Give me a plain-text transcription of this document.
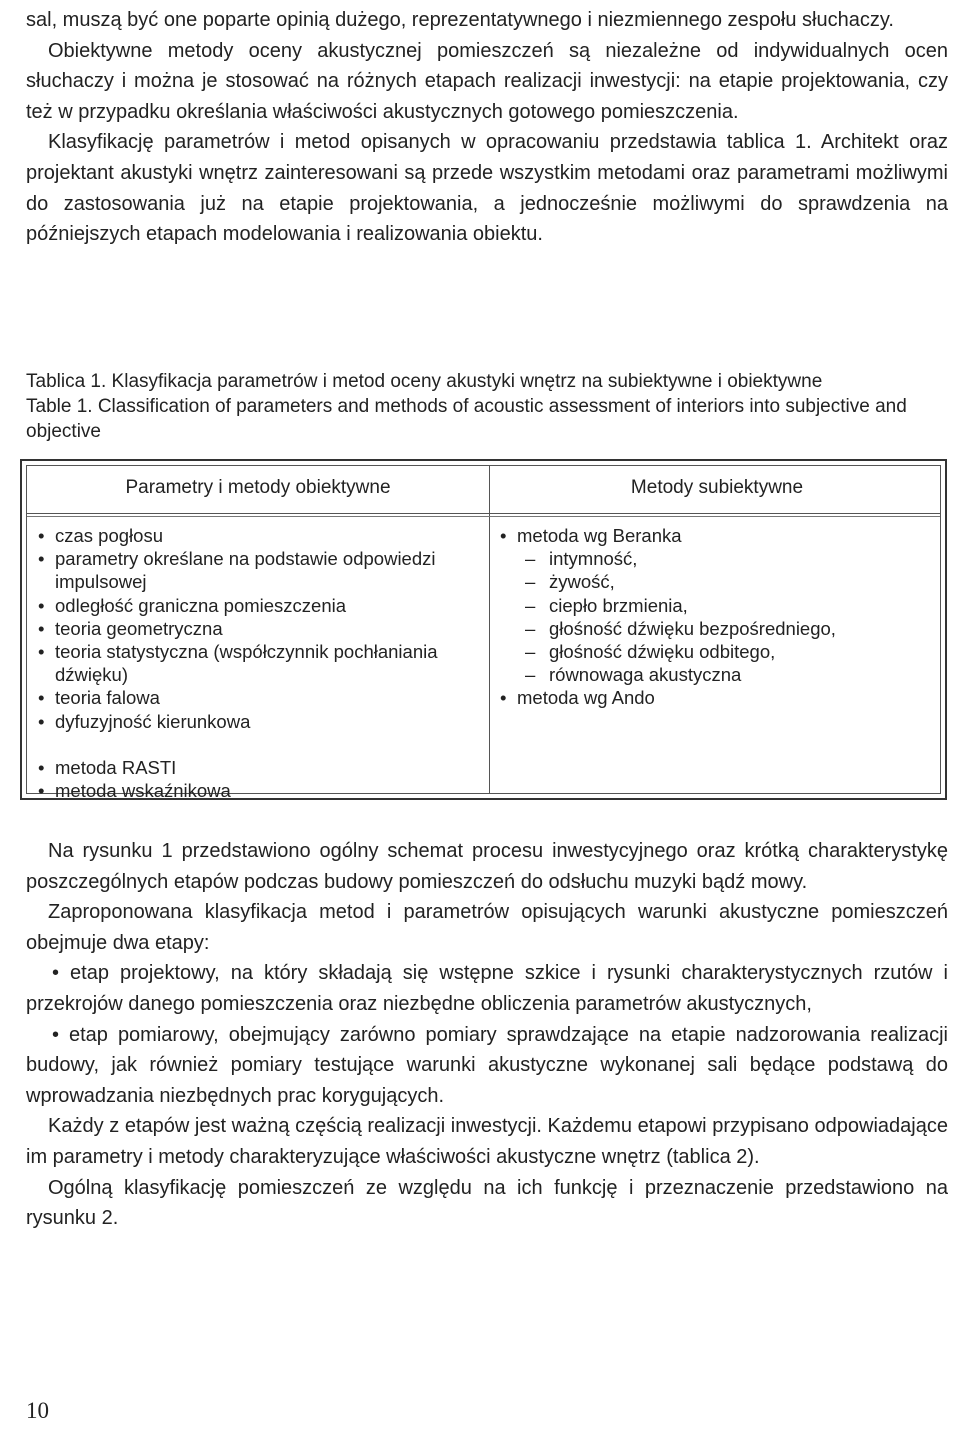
sal, muszą być one poparte opinią dużego, reprezentatywnego i niezmiennego zespołu słuchaczy.

Obiektywne metody oceny akustycznej pomieszczeń są niezależne od indywidualnych ocen słuchaczy i można je stosować na różnych etapach realizacji inwestycji: na etapie projektowania, czy też w przypadku określania właściwości akustycznych gotowego pomieszczenia.

Klasyfikację parametrów i metod opisanych w opracowaniu przedstawia tablica 1. Architekt oraz projektant akustyki wnętrz zainteresowani są przede wszystkim metodami oraz parametrami możliwymi do zastosowania już na etapie projektowania, a jednocześnie możliwymi do sprawdzenia na późniejszych etapach modelowania i realizowania obiektu.

Tablica 1. Klasyfikacja parametrów i metod oceny akustyki wnętrz na subiektywne i obiektywne

Table 1. Classification of parameters and methods of acoustic assessment of interiors into subjective and objective

Parametry i metody obiektywne	Metody subiektywne
• czas pogłosu
• parametry określane na podstawie odpowiedzi impulsowej
• odległość graniczna pomieszczenia
• teoria geometryczna
• teoria statystyczna (współczynnik pochłaniania dźwięku)
• teoria falowa
• dyfuzyjność kierunkowa
• metoda RASTI
• metoda wskaźnikowa
• metoda wg Beranka
– intymność,
– żywość,
– ciepło brzmienia,
– głośność dźwięku bezpośredniego,
– głośność dźwięku odbitego,
– równowaga akustyczna
• metoda wg Ando

Na rysunku 1 przedstawiono ogólny schemat procesu inwestycyjnego oraz krótką charakterystykę poszczególnych etapów podczas budowy pomieszczeń do odsłuchu muzyki bądź mowy.

Zaproponowana klasyfikacja metod i parametrów opisujących warunki akustyczne pomieszczeń obejmuje dwa etapy:

• etap projektowy, na który składają się wstępne szkice i rysunki charakterystycznych rzutów i przekrojów danego pomieszczenia oraz niezbędne obliczenia parametrów akustycznych,

• etap pomiarowy, obejmujący zarówno pomiary sprawdzające na etapie nadzorowania realizacji budowy, jak również pomiary testujące warunki akustyczne wykonanej sali będące podstawą do wprowadzania niezbędnych prac korygujących.

Każdy z etapów jest ważną częścią realizacji inwestycji. Każdemu etapowi przypisano odpowiadające im parametry i metody charakteryzujące właściwości akustyczne wnętrz (tablica 2).

Ogólną klasyfikację pomieszczeń ze względu na ich funkcję i przeznaczenie przedstawiono na rysunku 2.

10
